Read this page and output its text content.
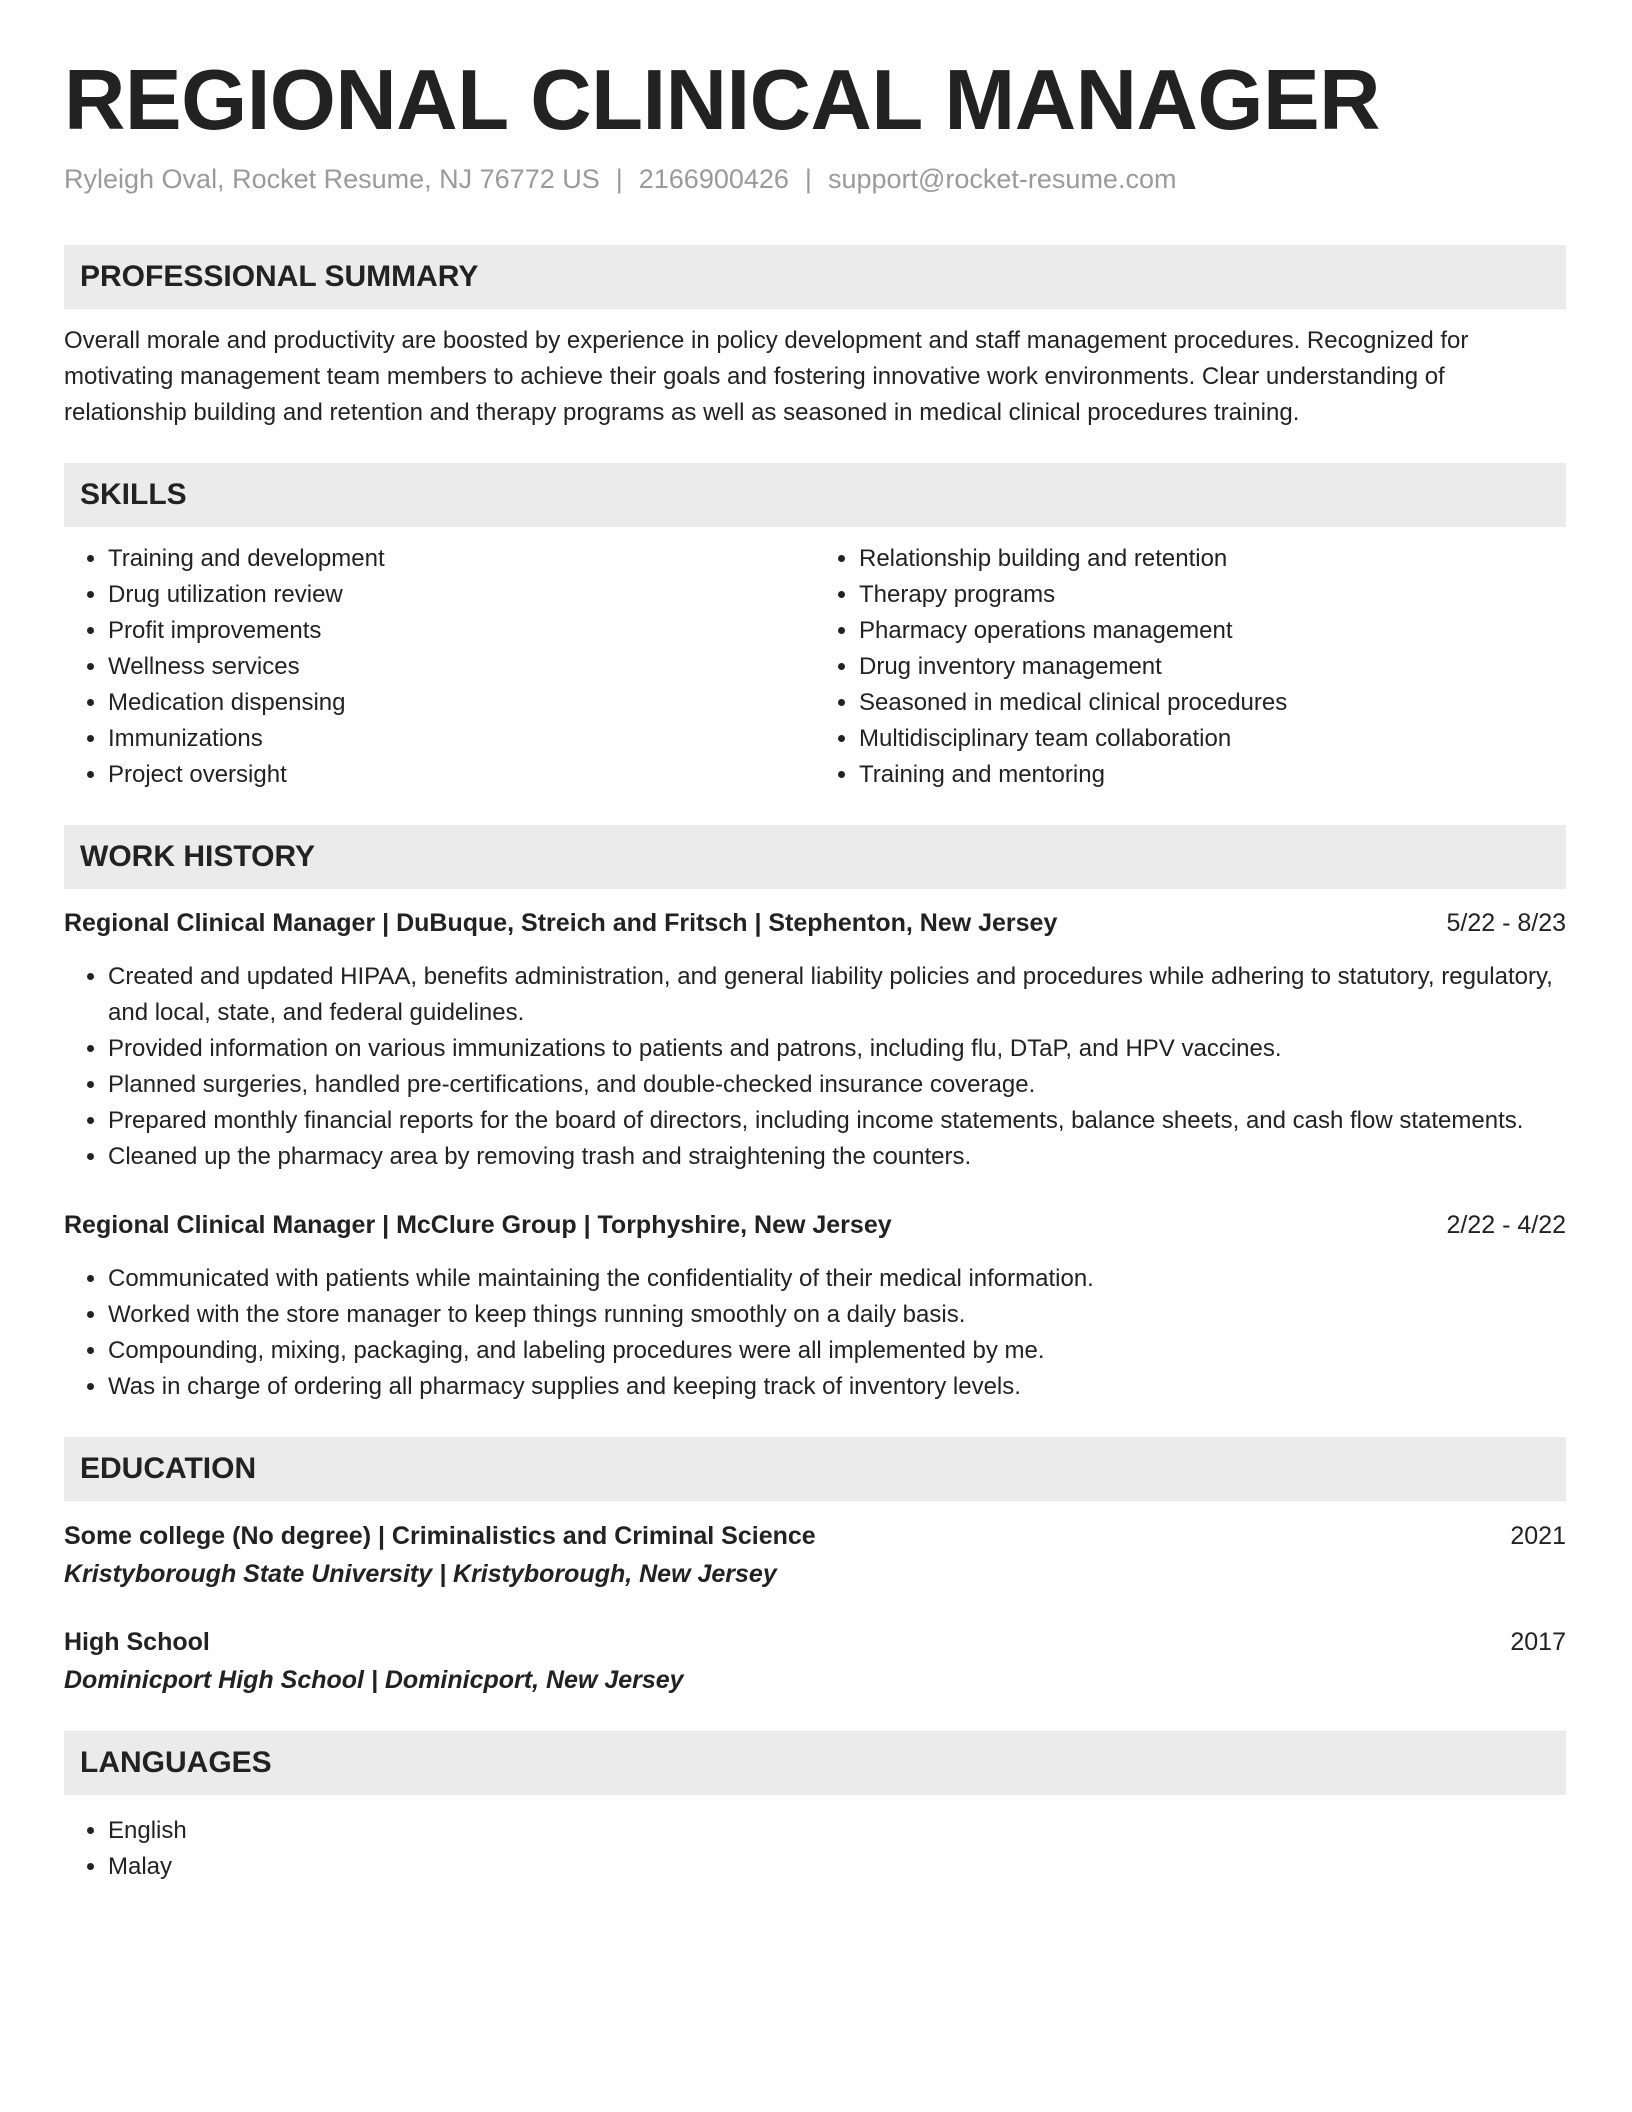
REGIONAL CLINICAL MANAGER
Ryleigh Oval, Rocket Resume, NJ 76772 US | 2166900426 | support@rocket-resume.com
PROFESSIONAL SUMMARY
Overall morale and productivity are boosted by experience in policy development and staff management procedures. Recognized for motivating management team members to achieve their goals and fostering innovative work environments. Clear understanding of relationship building and retention and therapy programs as well as seasoned in medical clinical procedures training.
SKILLS
• Training and development
• Drug utilization review
• Profit improvements
• Wellness services
• Medication dispensing
• Immunizations
• Project oversight
• Relationship building and retention
• Therapy programs
• Pharmacy operations management
• Drug inventory management
• Seasoned in medical clinical procedures
• Multidisciplinary team collaboration
• Training and mentoring
WORK HISTORY
Regional Clinical Manager | DuBuque, Streich and Fritsch | Stephenton, New Jersey	5/22 - 8/23
• Created and updated HIPAA, benefits administration, and general liability policies and procedures while adhering to statutory, regulatory, and local, state, and federal guidelines.
• Provided information on various immunizations to patients and patrons, including flu, DTaP, and HPV vaccines.
• Planned surgeries, handled pre-certifications, and double-checked insurance coverage.
• Prepared monthly financial reports for the board of directors, including income statements, balance sheets, and cash flow statements.
• Cleaned up the pharmacy area by removing trash and straightening the counters.
Regional Clinical Manager | McClure Group | Torphyshire, New Jersey	2/22 - 4/22
• Communicated with patients while maintaining the confidentiality of their medical information.
• Worked with the store manager to keep things running smoothly on a daily basis.
• Compounding, mixing, packaging, and labeling procedures were all implemented by me.
• Was in charge of ordering all pharmacy supplies and keeping track of inventory levels.
EDUCATION
Some college (No degree) | Criminalistics and Criminal Science	2021
Kristyborough State University | Kristyborough, New Jersey
High School	2017
Dominicport High School | Dominicport, New Jersey
LANGUAGES
• English
• Malay
